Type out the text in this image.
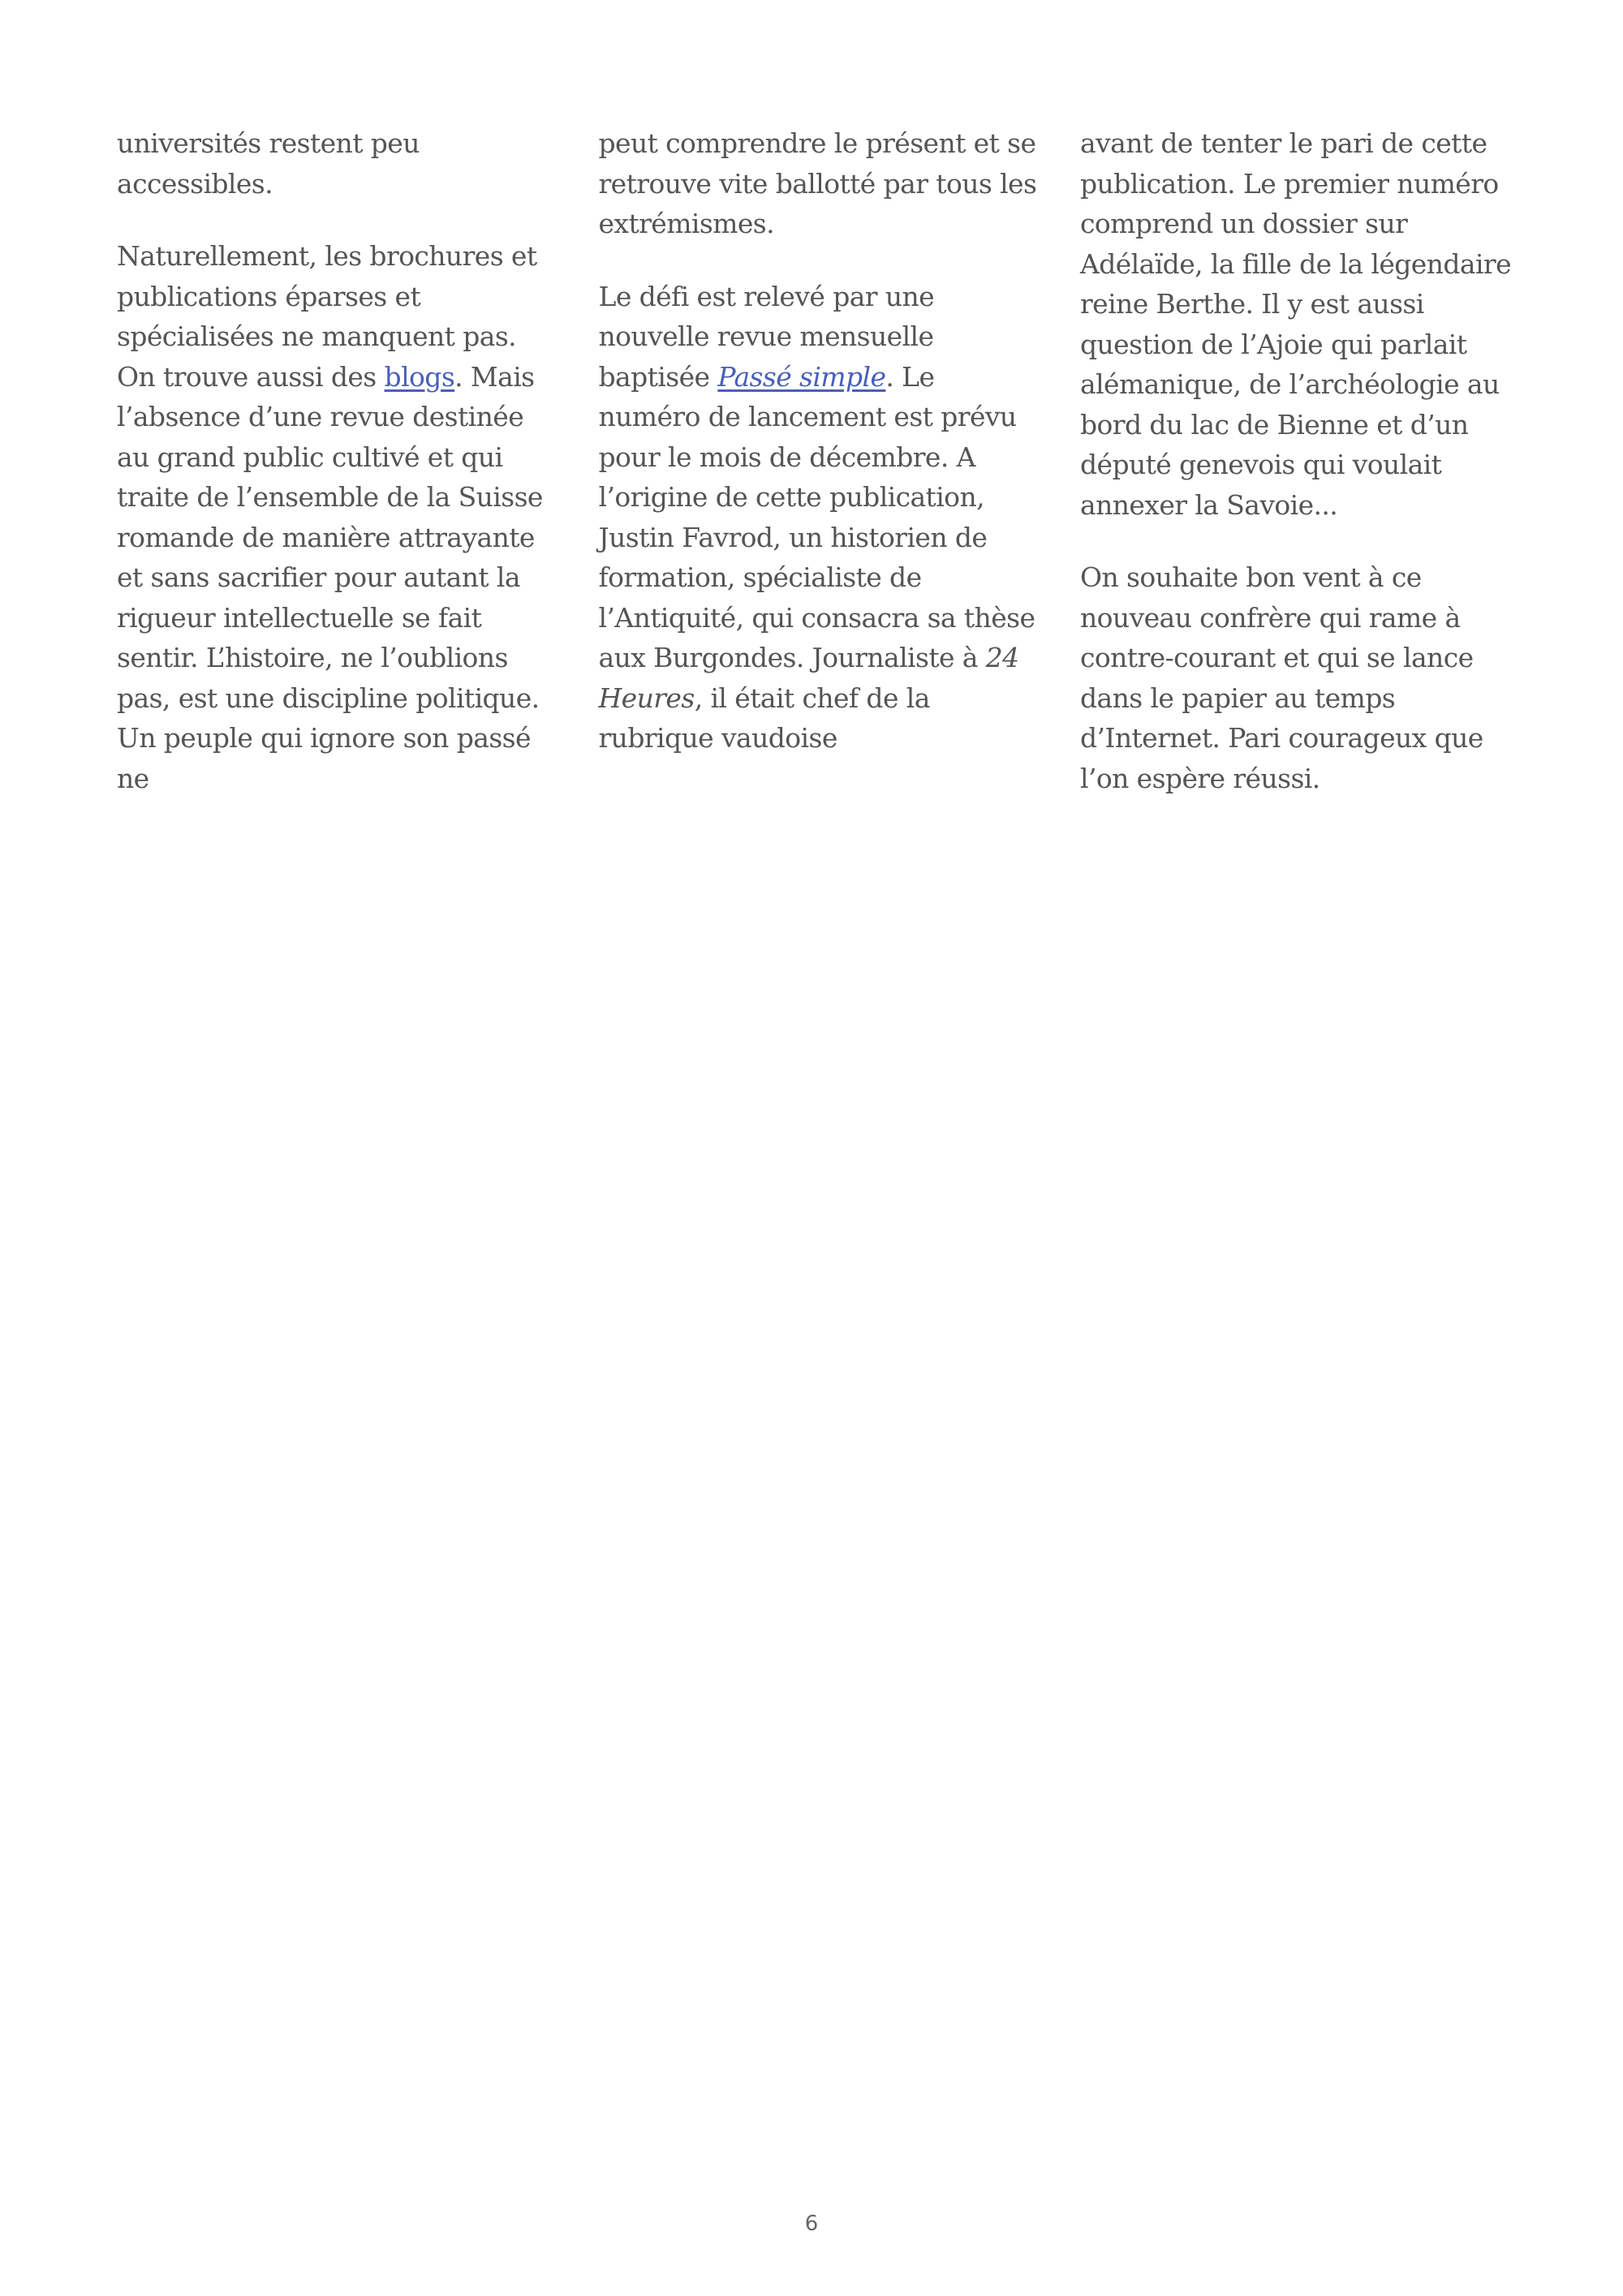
universités restent peu accessibles.

Naturellement, les brochures et publications éparses et spécialisées ne manquent pas. On trouve aussi des blogs. Mais l’absence d’une revue destinée au grand public cultivé et qui traite de l’ensemble de la Suisse romande de manière attrayante et sans sacrifier pour autant la rigueur intellectuelle se fait sentir. L’histoire, ne l’oublions pas, est une discipline politique. Un peuple qui ignore son passé ne

peut comprendre le présent et se retrouve vite ballotté par tous les extrémismes.

Le défi est relevé par une nouvelle revue mensuelle baptisée Passé simple. Le numéro de lancement est prévu pour le mois de décembre. A l’origine de cette publication, Justin Favrod, un historien de formation, spécialiste de l’Antiquité, qui consacra sa thèse aux Burgondes. Journaliste à 24 Heures, il était chef de la rubrique vaudoise

avant de tenter le pari de cette publication. Le premier numéro comprend un dossier sur Adélaïde, la fille de la légendaire reine Berthe. Il y est aussi question de l’Ajoie qui parlait alémanique, de l’archéologie au bord du lac de Bienne et d’un député genevois qui voulait annexer la Savoie...

On souhaite bon vent à ce nouveau confrère qui rame à contre-courant et qui se lance dans le papier au temps d’Internet. Pari courageux que l’on espère réussi.

6
